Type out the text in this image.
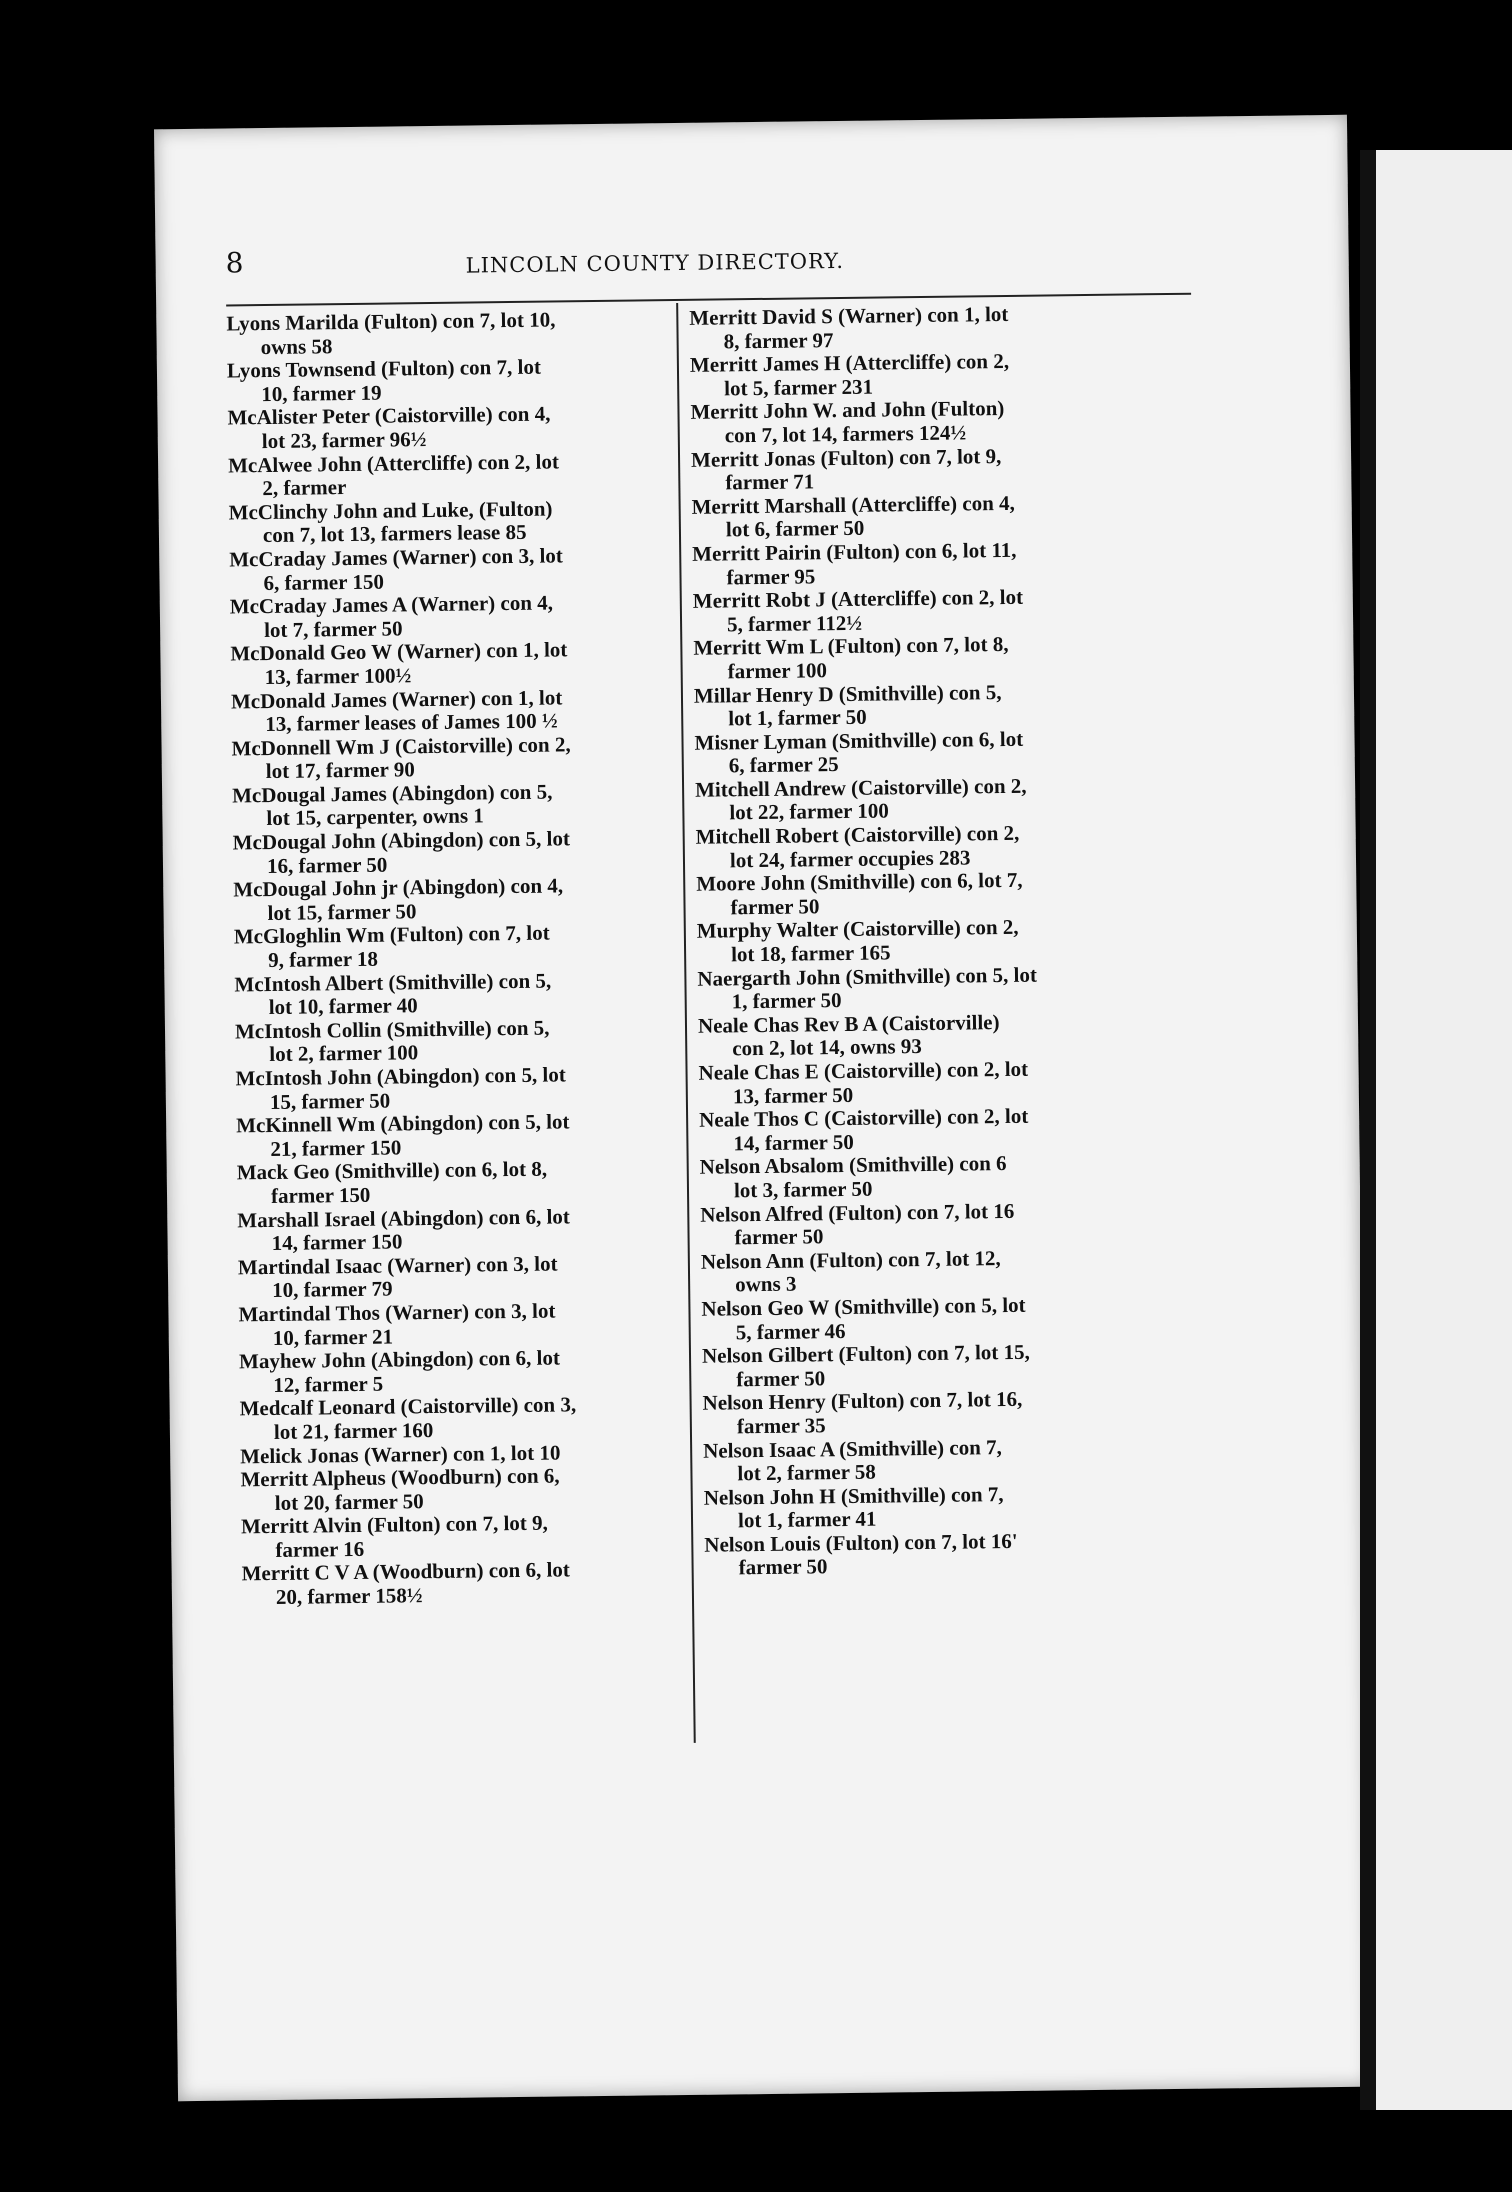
8	LINCOLN COUNTY DIRECTORY.
Lyons Marilda (Fulton) con 7, lot 10,
owns 58
Lyons Townsend (Fulton) con 7, lot
10, farmer 19
McAlister Peter (Caistorville) con 4,
lot 23, farmer 96½
McAlwee John (Attercliffe) con 2, lot
2, farmer
McClinchy John and Luke, (Fulton)
con 7, lot 13, farmers lease 85
McCraday James (Warner) con 3, lot
6, farmer 150
McCraday James A (Warner) con 4,
lot 7, farmer 50
McDonald Geo W (Warner) con 1, lot
13, farmer 100½
McDonald James (Warner) con 1, lot
13, farmer leases of James 100 ½
McDonnell Wm J (Caistorville) con 2,
lot 17, farmer 90
McDougal James (Abingdon) con 5,
lot 15, carpenter, owns 1
McDougal John (Abingdon) con 5, lot
16, farmer 50
McDougal John jr (Abingdon) con 4,
lot 15, farmer 50
McGloghlin Wm (Fulton) con 7, lot
9, farmer 18
McIntosh Albert (Smithville) con 5,
lot 10, farmer 40
McIntosh Collin (Smithville) con 5,
lot 2, farmer 100
McIntosh John (Abingdon) con 5, lot
15, farmer 50
McKinnell Wm (Abingdon) con 5, lot
21, farmer 150
Mack Geo (Smithville) con 6, lot 8,
farmer 150
Marshall Israel (Abingdon) con 6, lot
14, farmer 150
Martindal Isaac (Warner) con 3, lot
10, farmer 79
Martindal Thos (Warner) con 3, lot
10, farmer 21
Mayhew John (Abingdon) con 6, lot
12, farmer 5
Medcalf Leonard (Caistorville) con 3,
lot 21, farmer 160
Melick Jonas (Warner) con 1, lot 10
Merritt Alpheus (Woodburn) con 6,
lot 20, farmer 50
Merritt Alvin (Fulton) con 7, lot 9,
farmer 16
Merritt C V A (Woodburn) con 6, lot
20, farmer 158½
Merritt David S (Warner) con 1, lot
8, farmer 97
Merritt James H (Attercliffe) con 2,
lot 5, farmer 231
Merritt John W. and John (Fulton)
con 7, lot 14, farmers 124½
Merritt Jonas (Fulton) con 7, lot 9,
farmer 71
Merritt Marshall (Attercliffe) con 4,
lot 6, farmer 50
Merritt Pairin (Fulton) con 6, lot 11,
farmer 95
Merritt Robt J (Attercliffe) con 2, lot
5, farmer 112½
Merritt Wm L (Fulton) con 7, lot 8,
farmer 100
Millar Henry D (Smithville) con 5,
lot 1, farmer 50
Misner Lyman (Smithville) con 6, lot
6, farmer 25
Mitchell Andrew (Caistorville) con 2,
lot 22, farmer 100
Mitchell Robert (Caistorville) con 2,
lot 24, farmer occupies 283
Moore John (Smithville) con 6, lot 7,
farmer 50
Murphy Walter (Caistorville) con 2,
lot 18, farmer 165
Naergarth John (Smithville) con 5, lot
1, farmer 50
Neale Chas Rev B A (Caistorville)
con 2, lot 14, owns 93
Neale Chas E (Caistorville) con 2, lot
13, farmer 50
Neale Thos C (Caistorville) con 2, lot
14, farmer 50
Nelson Absalom (Smithville) con 6
lot 3, farmer 50
Nelson Alfred (Fulton) con 7, lot 16
farmer 50
Nelson Ann (Fulton) con 7, lot 12,
owns 3
Nelson Geo W (Smithville) con 5, lot
5, farmer 46
Nelson Gilbert (Fulton) con 7, lot 15,
farmer 50
Nelson Henry (Fulton) con 7, lot 16,
farmer 35
Nelson Isaac A (Smithville) con 7,
lot 2, farmer 58
Nelson John H (Smithville) con 7,
lot 1, farmer 41
Nelson Louis (Fulton) con 7, lot 16'
farmer 50
